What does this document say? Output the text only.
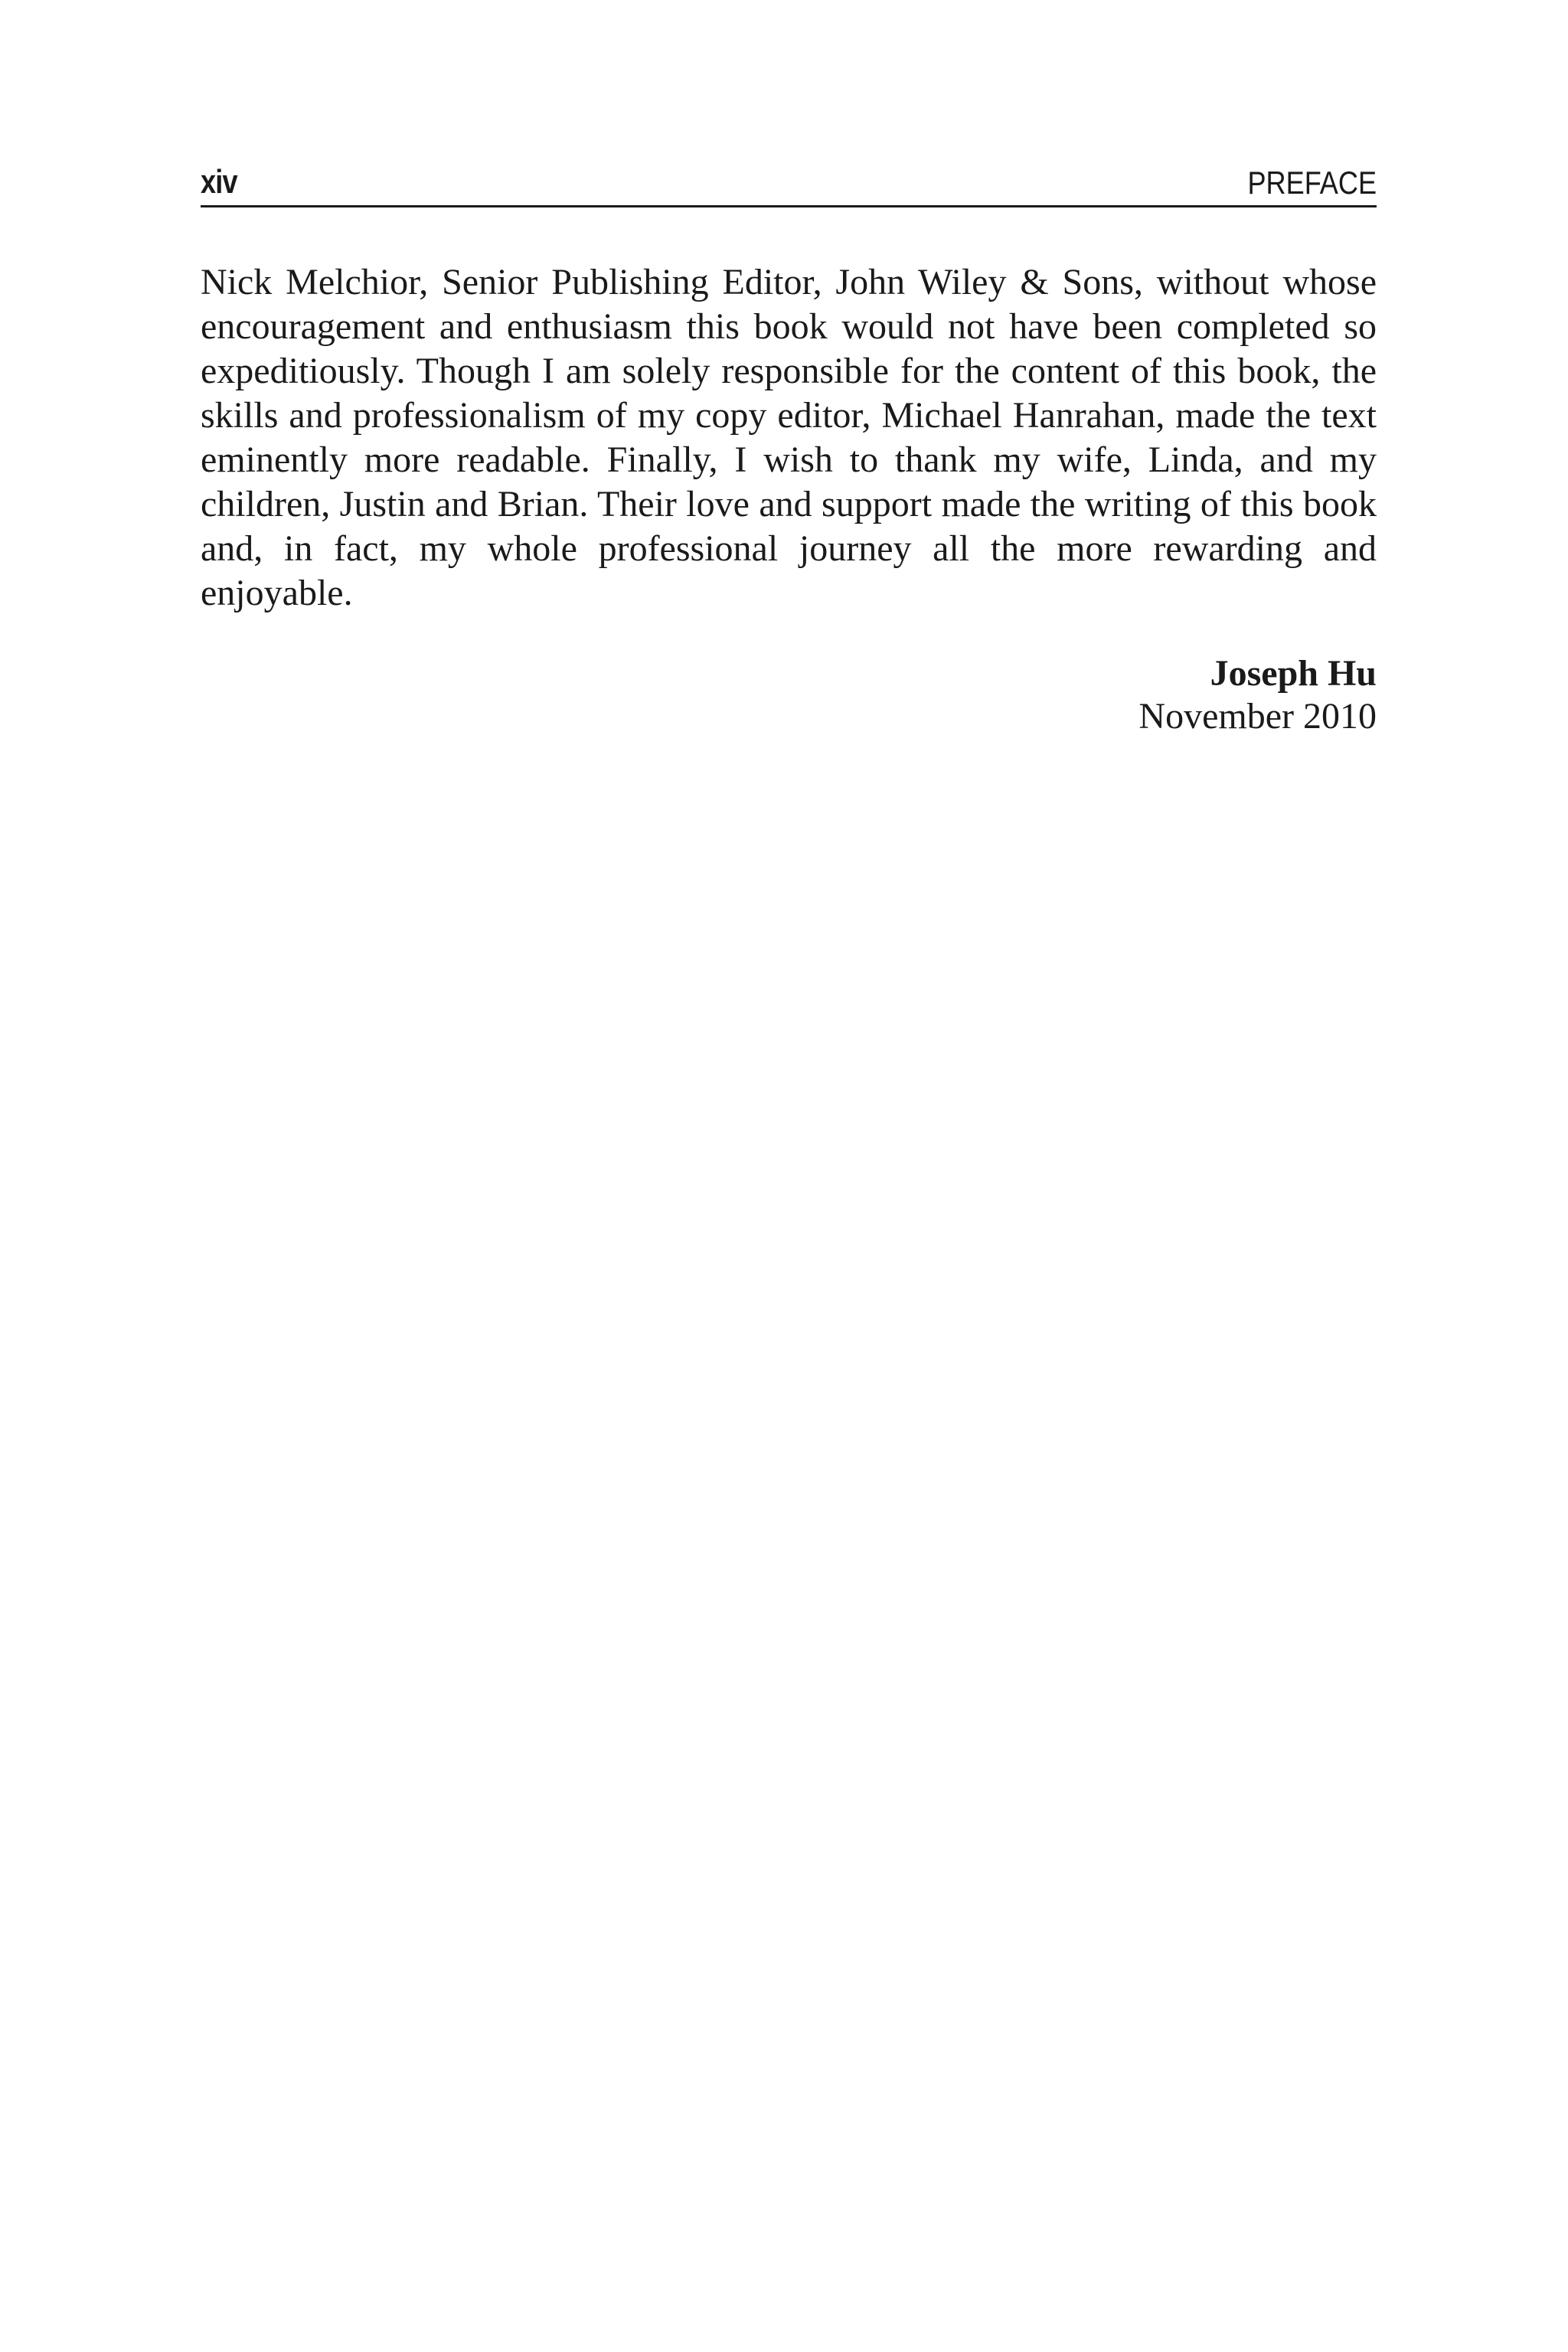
xiv	PREFACE

Nick Melchior, Senior Publishing Editor, John Wiley & Sons, without whose encouragement and enthusiasm this book would not have been completed so expeditiously. Though I am solely responsible for the content of this book, the skills and professionalism of my copy editor, Michael Hanrahan, made the text eminently more readable. Finally, I wish to thank my wife, Linda, and my children, Justin and Brian. Their love and support made the writing of this book and, in fact, my whole professional journey all the more rewarding and enjoyable.

Joseph Hu
November 2010
